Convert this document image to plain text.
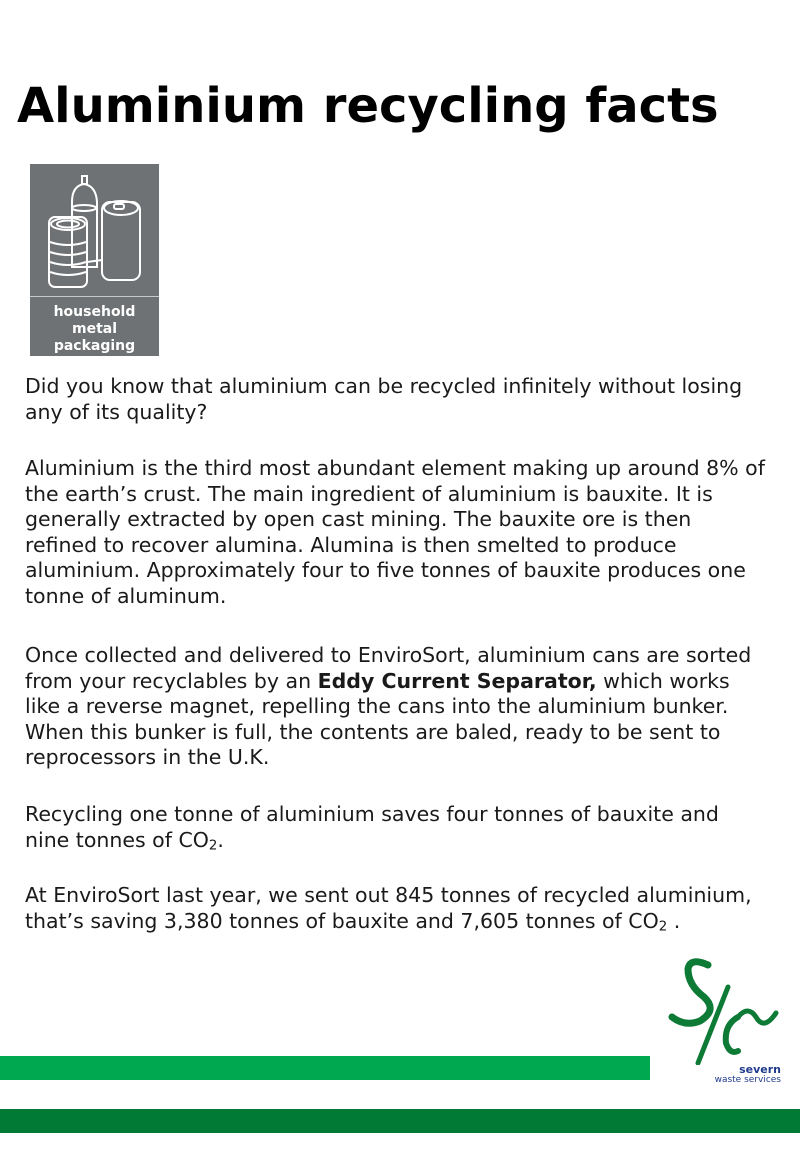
Aluminium recycling facts
household metal
packaging

Did you know that aluminium can be recycled infinitely without losing any of its quality?

Aluminium is the third most abundant element making up around 8% of the earth’s crust. The main ingredient of aluminium is bauxite. It is generally extracted by open cast mining. The bauxite ore is then refined to recover alumina. Alumina is then smelted to produce aluminium. Approximately four to five tonnes of bauxite produces one tonne of aluminum.

Once collected and delivered to EnviroSort, aluminium cans are sorted from your recyclables by an Eddy Current Separator, which works like a reverse magnet, repelling the cans into the aluminium bunker. When this bunker is full, the contents are baled, ready to be sent to reprocessors in the U.K.

Recycling one tonne of aluminium saves four tonnes of bauxite and nine tonnes of $CO_2$.

At EnviroSort last year, we sent out 845 tonnes of recycled aluminium, that’s saving 3,380 tonnes of bauxite and 7,605 tonnes of $CO_2$ .

severn
waste services
